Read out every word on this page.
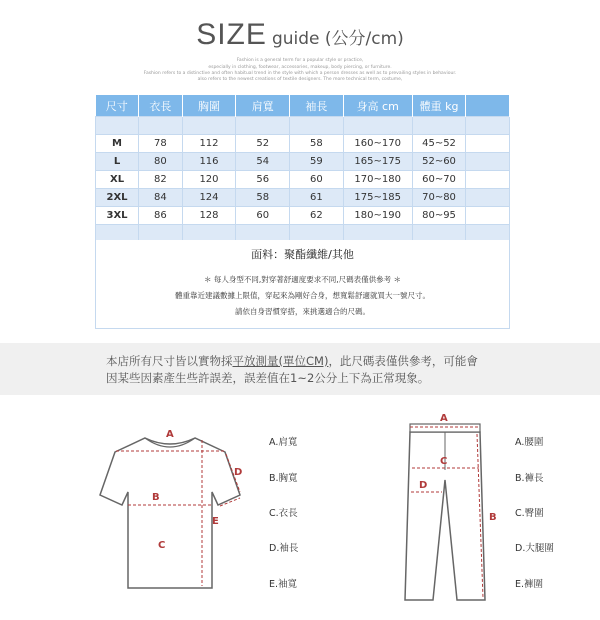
SIZE guide (公分/cm)
Fashion is a general term for a popular style or practice,
especially in clothing, footwear, accessories, makeup, body piercing, or furniture.
Fashion refers to a distinctive and often habitual trend in the style with which a person dresses as well as to prevailing styles in behaviour.
also refers to the newest creations of textile designers. The more technical term, costume,
尺寸	衣長	胸圍	肩寬	袖長	身高 cm	體重 kg	

M	78	112	52	58	160~170	45~52	
L	80	116	54	59	165~175	52~60	
XL	82	120	56	60	170~180	60~70	
2XL	84	124	58	61	175~185	70~80	
3XL	86	128	60	62	180~190	80~95	

面料：聚酯纖維/其他
＊ 每人身型不同,對穿著舒適度要求不同,尺碼表僅供參考 ＊
體重靠近建議數據上限值，穿起來為剛好合身，想寬鬆舒適就買大一號尺寸。
請依自身習慣穿搭，來挑選適合的尺碼。
本店所有尺寸皆以實物採平放測量(單位CM)，此尺碼表僅供參考，可能會
因某些因素產生些許誤差，誤差值在1~2公分上下為正常現象。
A
B
C
D
E
A.肩寬
B.胸寬
C.衣長
D.袖長
E.袖寬
A
C
D
B
A.腰圍
B.褲長
C.臀圍
D.大腿圍
E.褲圍
